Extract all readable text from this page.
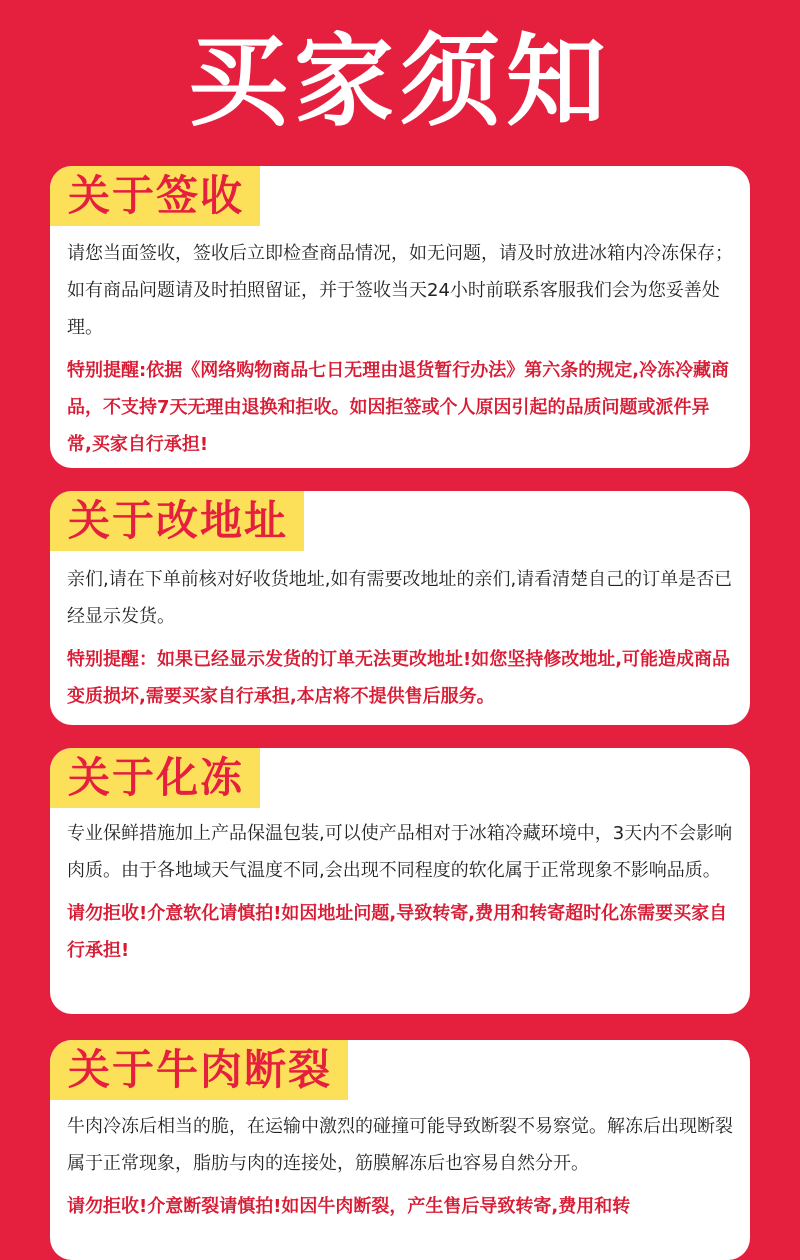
买家须知
关于签收

请您当面签收，签收后立即检查商品情况，如无问题，请及时放进冰箱内冷冻保存；如有商品问题请及时拍照留证，并于签收当天24小时前联系客服我们会为您妥善处理。

特别提醒:依据《网络购物商品七日无理由退货暂行办法》第六条的规定,冷冻冷藏商品，不支持7天无理由退换和拒收。如因拒签或个人原因引起的品质问题或派件异常,买家自行承担!

关于改地址

亲们,请在下单前核对好收货地址,如有需要改地址的亲们,请看清楚自己的订单是否已经显示发货。

特别提醒：如果已经显示发货的订单无法更改地址!如您坚持修改地址,可能造成商品变质损坏,需要买家自行承担,本店将不提供售后服务。

关于化冻

专业保鲜措施加上产品保温包装,可以使产品相对于冰箱冷藏环境中，3天内不会影响肉质。由于各地域天气温度不同,会出现不同程度的软化属于正常现象不影响品质。

请勿拒收!介意软化请慎拍!如因地址问题,导致转寄,费用和转寄超时化冻需要买家自行承担!

关于牛肉断裂

牛肉冷冻后相当的脆，在运输中激烈的碰撞可能导致断裂不易察觉。解冻后出现断裂属于正常现象，脂肪与肉的连接处，筋膜解冻后也容易自然分开。

请勿拒收!介意断裂请慎拍!如因牛肉断裂，产生售后导致转寄,费用和转
